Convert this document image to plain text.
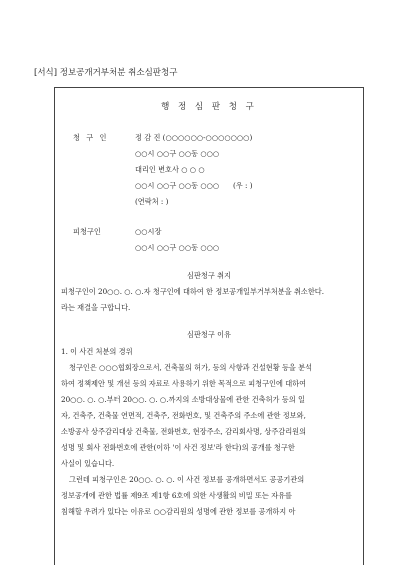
[서식] 정보공개거부처분 취소심판청구
행 정 심 판 청 구
청 구 인	정 감 진 (○○○○○○-○○○○○○○)
○○시 ○○구 ○○동 ○○○
대리인 변호사 ○ ○ ○
○○시 ○○구 ○○동 ○○○ (우 : )
(연락처 : )
피청구인	○○시장
○○시 ○○구 ○○동 ○○○
심판청구 취지
피청구인이 20○○. ○. ○.자 청구인에 대하여 한 정보공개일부거부처분을 취소한다.
라는 재결을 구합니다.
심판청구 이유
1. 이 사건 처분의 경위
청구인은 ○○○협회장으로서, 건축물의 허가, 등의 사항과 건설현황 등을 분석
하여 정책제안 및 개선 등의 자료로 사용하기 위한 목적으로 피청구인에 대하여
20○○. ○. ○.부터 20○○. ○. ○.까지의 소방대상물에 관한 건축허가 등의 일
자, 건축주, 건축물 연면적, 건축주, 전화번호, 및 건축주의 주소에 관한 정보와,
소방공사 상주감리대상 건축물, 전화번호, 현장주소, 감리회사명, 상주감리원의
성명 및 회사 전화번호에 관한(이하 '이 사건 정보'라 한다)의 공개를 청구한
사실이 있습니다.
그런데 피청구인은 20○○. ○. ○. 이 사건 정보를 공개하면서도 공공기관의
정보공개에 관한 법률 제9조 제1항 6호에 의한 사생활의 비밀 또는 자유를
침해할 우려가 있다는 이유로 ○○감리원의 성명에 관한 정보를 공개하지 아
